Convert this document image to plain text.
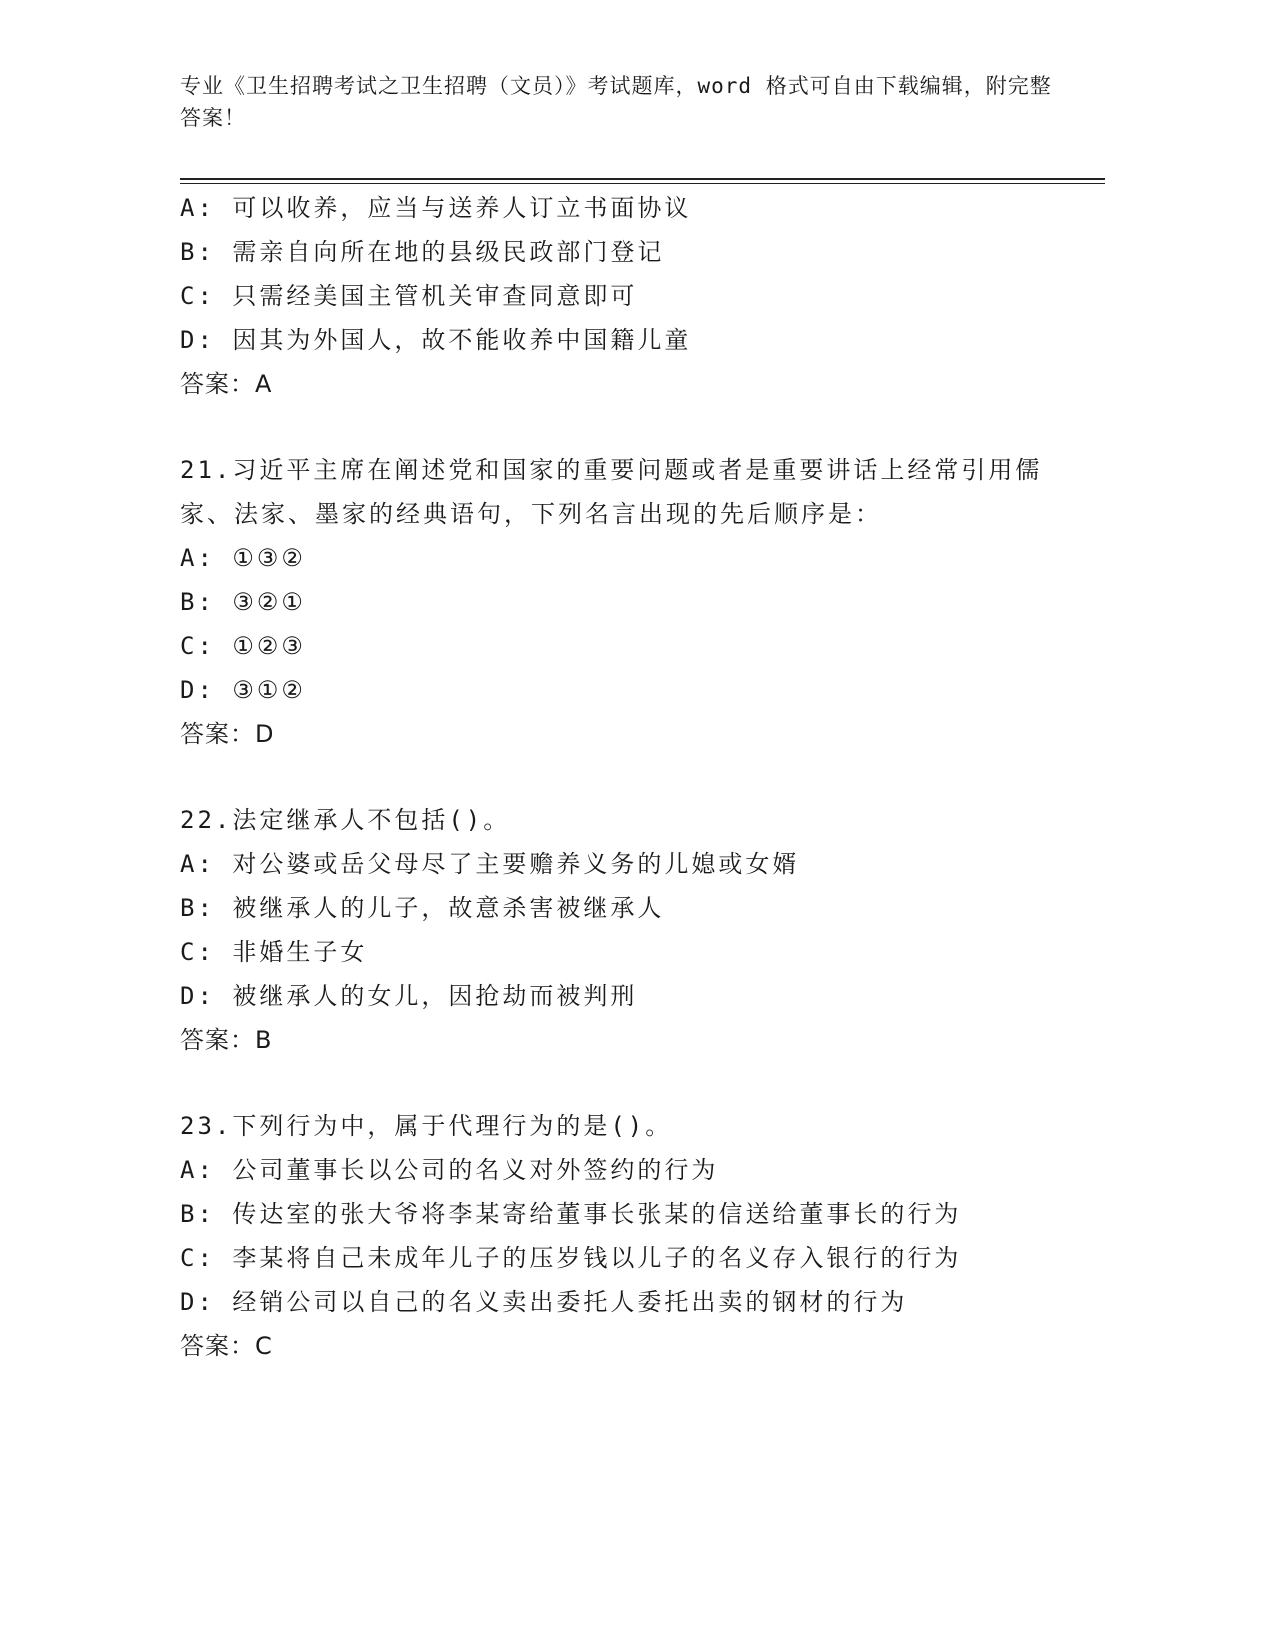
专业《卫生招聘考试之卫生招聘（文员）》考试题库，word 格式可自由下载编辑，附完整答案！
A: 可以收养，应当与送养人订立书面协议
B: 需亲自向所在地的县级民政部门登记
C: 只需经美国主管机关审查同意即可
D: 因其为外国人，故不能收养中国籍儿童
答案：A
21.习近平主席在阐述党和国家的重要问题或者是重要讲话上经常引用儒家、法家、墨家的经典语句，下列名言出现的先后顺序是：
A: ①③②
B: ③②①
C: ①②③
D: ③①②
答案：D
22.法定继承人不包括()。
A: 对公婆或岳父母尽了主要赡养义务的儿媳或女婿
B: 被继承人的儿子，故意杀害被继承人
C: 非婚生子女
D: 被继承人的女儿，因抢劫而被判刑
答案：B
23.下列行为中，属于代理行为的是()。
A: 公司董事长以公司的名义对外签约的行为
B: 传达室的张大爷将李某寄给董事长张某的信送给董事长的行为
C: 李某将自己未成年儿子的压岁钱以儿子的名义存入银行的行为
D: 经销公司以自己的名义卖出委托人委托出卖的钢材的行为
答案：C
